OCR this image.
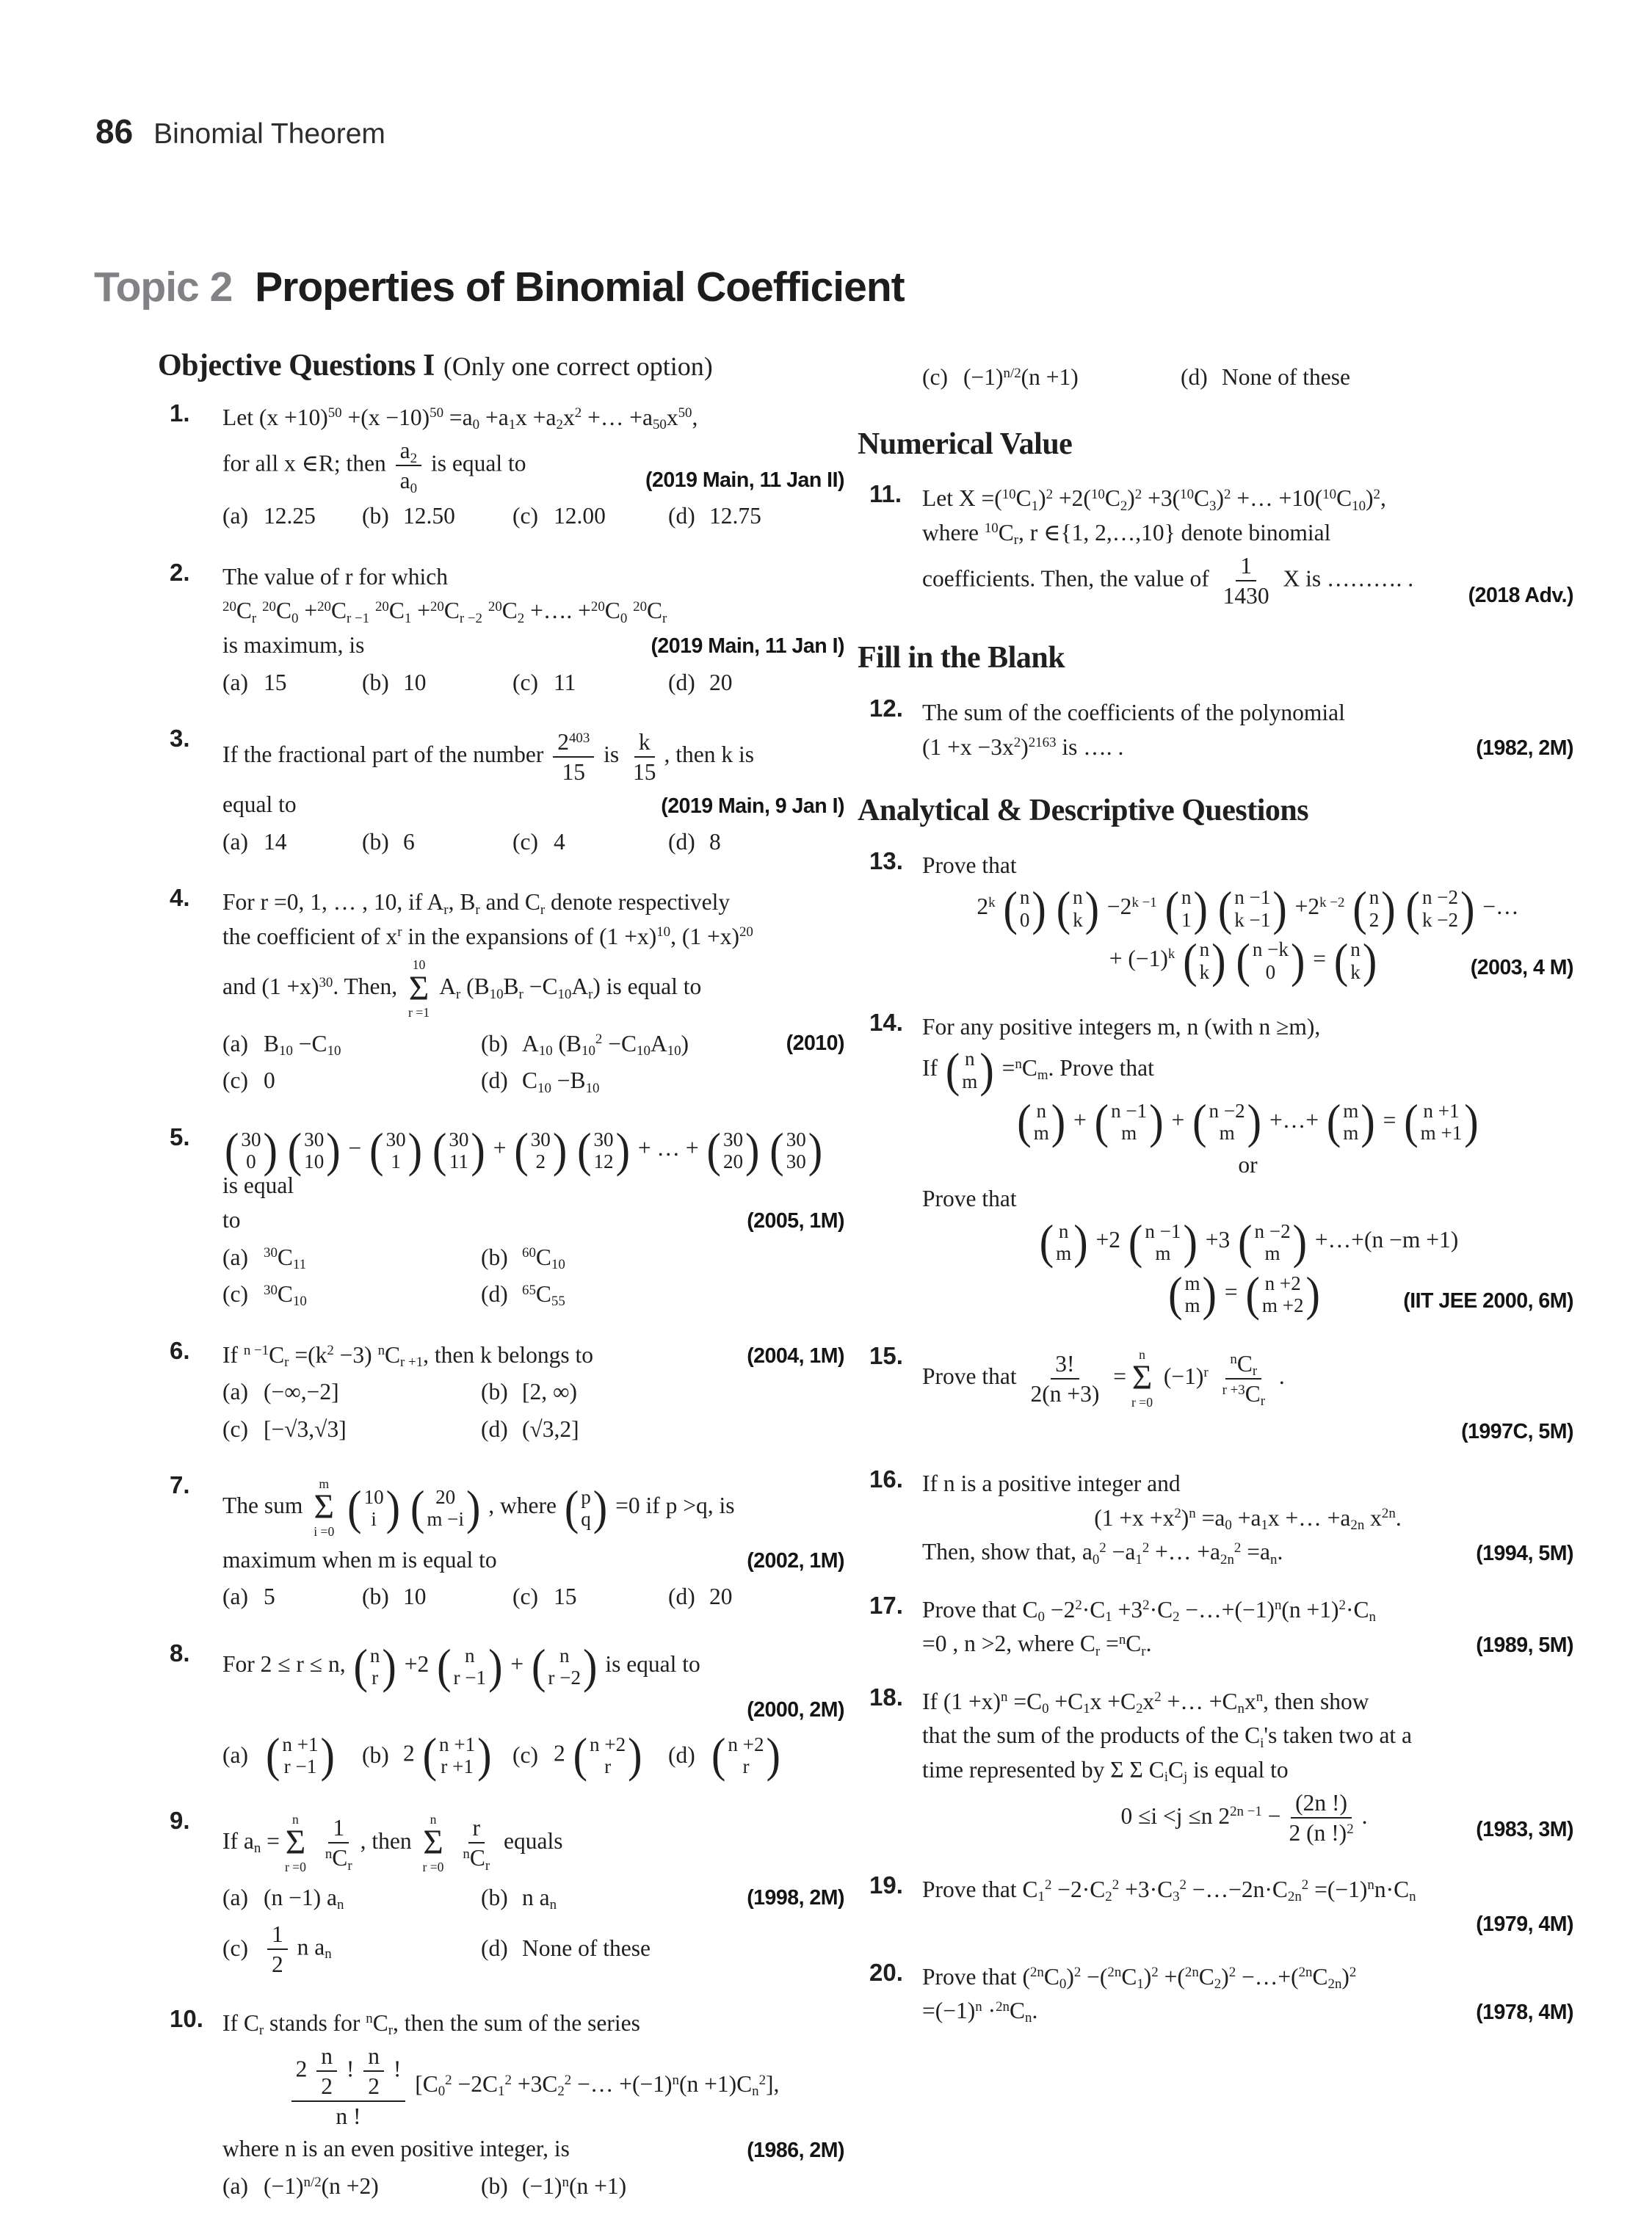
86 Binomial Theorem
Topic 2 Properties of Binomial Coefficient
Objective Questions I (Only one correct option)
1.	Let $(x +10)^{50} +(x -10)^{50} =a_0 +a_1x +a_2x^2$ +… $+a_{50}x^{50}$,
for all x ∈R; then $\frac{a_2}{a_0}$ is equal to
(2019 Main, 11 Jan II)
(a) 12.25 (b) 12.50 (c) 12.00	(d) 12.75
2.	The value of r for which
$^{20}C_r$ $^{20}C_0 +^{20}C_{r -1}$ $^{20}C_1 +^{20}C_{r -2}$ $^{20}C_2$ +…. $+^{20}C_0$ $^{20}C_r$
is maximum, is	(2019 Main, 11 Jan I)
(a) 15	(b) 10	(c) 11	(d) 20
3.
If the fractional part of the number $\frac{2^{403}}{15}$ is $\frac{k}{15}$ , then k is
equal to	(2019 Main, 9 Jan I)
(a) 14	(b) 6	(c) 4	(d) 8
4.	For r =0, 1, … , 10, if $A_r$, $B_r$ and $C_r$ denote respectively
the coefficient of $x^r$ in the expansions of $(1 +x)^{10}$, $(1 +x)^{20}$
and $(1 +x)^{30}$. Then,
10
Σ
r =1
$A_r$ $(B_{10}B_r -C_{10}A_r)$ is equal to
(a) $B_{10} -C_{10}$	(b) $A_{10}$ $(B_{10}^2 -C_{10}A_{10})$	(2010)
(c) 0	(d) $C_{10} -B_{10}$
5.	( 30
0
)
( 30
10
) − ( 30
1
)
( 30
11
) + ( 30
2
)
( 30
12
) + … + ( 30
20
)
( 30
30
) is equal
to	(2005, 1M)
(a)	$^{30}C_{11}$	(b)	$^{60}C_{10}$
(c)	$^{30}C_{10}$	(d)	$^{65}C_{55}$
6.	If $^{n -1}C_r =(k^2 -3)$ $^nC_{r +1}$, then k belongs to	(2004, 1M)
(a) (−∞,−2]	(b) [2, ∞)
(c) [−√3,√3]	(d) (√3,2]
7.
The sum
m
Σ
i =0

( 10
i
)
( 20
m −i
) , where ( p
q
) =0 if p >q, is
maximum when m is equal to	(2002, 1M)
(a) 5	(b) 10	(c) 15	(d) 20
8.	For 2 ≤ r ≤ n, ( n
r
) +2 ( n
r −1
) + ( n
r −2
) is equal to
(2000, 2M)
(a)	( n +1
r −1
) (b) 2 ( n +1
r +1
) (c) 2 ( n +2
r
) (d) ( n +2
r
)
9.
If $a_n$ =
n
Σ
r =0

1
$^nC_r$
, then
n
Σ
r =0

r
$^nC_r$
equals
(a) (n −1) $a_n$	(b) n $a_n$	(1998, 2M)
$(c) \frac{1}{2}$ n $a_n$	(d) None of these
10. If $C_r$ stands for $^nC_r$, then the sum of the series
$\frac{2 \frac{n}{2} ! \frac{n}{2} !}{n !} [C_0^2 -2C_1^2 +3C_2^2$ −… $+(-1)^n(n +1)C_n^2$],
where n is an even positive integer, is	(1986, 2M)
(a) $(-1)^{n/2}(n +2)$	(b) $(-1)^n(n +1)$
(c) $(-1)^{n/2}(n +1)$	(d) None of these
Numerical Value
11. Let $X =(^{10}C_1)^2 +2(^{10}C_2)^2 +3(^{10}C_3)^2$ +… $+10(^{10}C_{10})^2$,
where $^{10}C_r$, r ∈{1, 2,…,10} denote binomial
coefficients. Then, the value of $\frac{1}{1430}$ X is ………. .
(2018 Adv.)
Fill in the Blank
12. The sum of the coefficients of the polynomial
$(1 +x -3x^2)^{2163}$ is …. .	(1982, 2M)
Analytical & Descriptive Questions
13. Prove that
2$^k$ ( n
0
)
( n
k
) $-2^{k -1}$ ( n
1
)
( n −1
k −1
) $+2^{k -2}$ ( n
2
)
( n −2
k −2
) −…
+ $(-1)^k$ ( n
k
)
( n −k
0
) = ( n
k
)	(2003, 4 M)
14. For any positive integers m, n (with n ≥m),
If ( n
m
) $=^nC_m$. Prove that
( n
m
) + ( n −1
m
) + ( n −2
m
) +…+ ( m
m
) = ( n +1
m +1
)
or
Prove that
( n
m
) +2 ( n −1
m
) +3 ( n −2
m
) +…+(n −m +1)
( m
m
) = ( n +2
m +2
)	(IIT JEE 2000, 6M)
15.
Prove that $\frac{3!}{2(n +3)}$ =
n
Σ
r =0
$(-1)^r$
$^nC_r$
$^{r +3}C_r$
.
(1997C, 5M)
16. If n is a positive integer and
$(1 +x +x^2)^n =a_0 +a_1x$ +… $+a_{2n}$ $x^{2n}$.
Then, show that, $a_0^2 -a_1^2$ +… $+a_{2n}^2 =a_n$.	(1994, 5M)
17. Prove that $C_0 -2^2\cdot C_1 +3^2\cdot C_2$ $-\dots+(-1)^n(n +1)^2\cdot C_n$
=0 , n >2, where $C_r =^nC_r$.	(1989, 5M)
18. If $(1 +x)^n =C_0 +C_1x +C_2x^2$ +… $+C_nx^n$, then show
that the sum of the products of the $C_i's$ taken two at a
time represented by Σ Σ $C_iC_j$ is equal to
0 ≤i <j ≤n $2^{2n -1} - \frac{(2n !)}{2 (n !)^2}$ .
(1983, 3M)
19. Prove that $C_1^2 -2\cdot C_2^2 +3\cdot C_3^2$ $-\dots-2n\cdot C_{2n}^2 =(-1)^nn\cdot C_n$
(1979, 4M)
20. Prove that $(^{2n}C_0)^2 -(^{2n}C_1)^2 +(^{2n}C_2)^2$ $-\dots+(^{2n}C_{2n})^2$
$=(-1)^n \cdot^{2n}C_n$.	(1978, 4M)
